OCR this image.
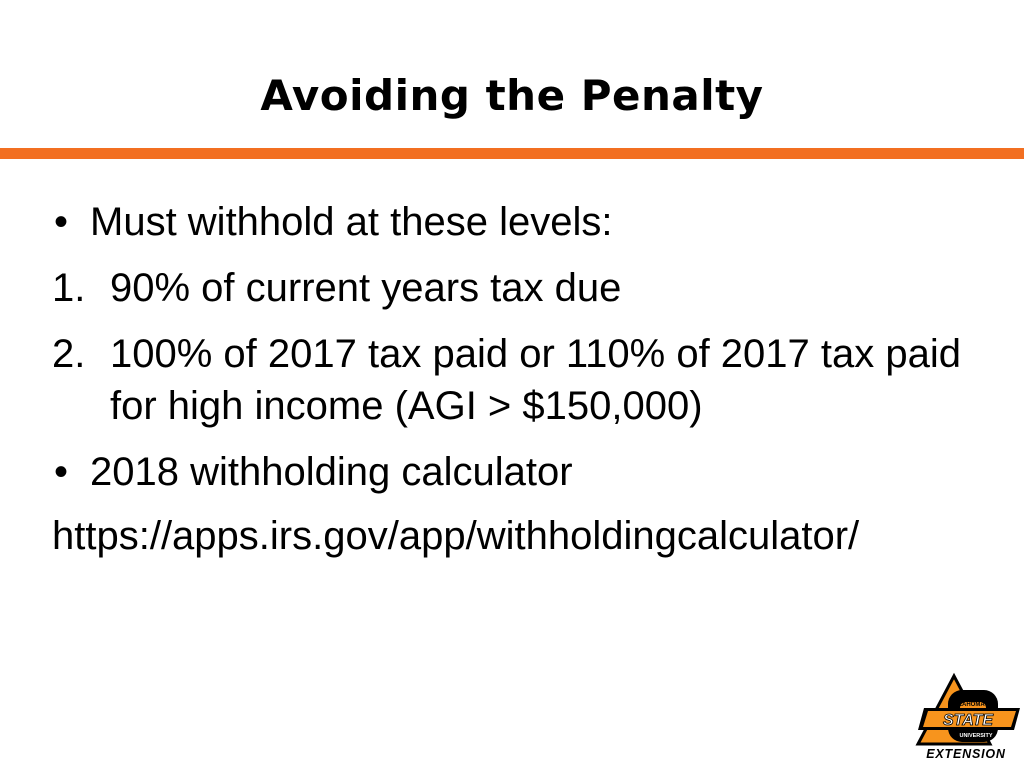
Avoiding the Penalty
• Must withhold at these levels:
1. 90% of current years tax due
2. 100% of 2017 tax paid or 110% of 2017 tax paid for high income (AGI > $150,000)
• 2018 withholding calculator
https://apps.irs.gov/app/withholdingcalculator/
OKLAHOMA
STATE
UNIVERSITY
EXTENSION
